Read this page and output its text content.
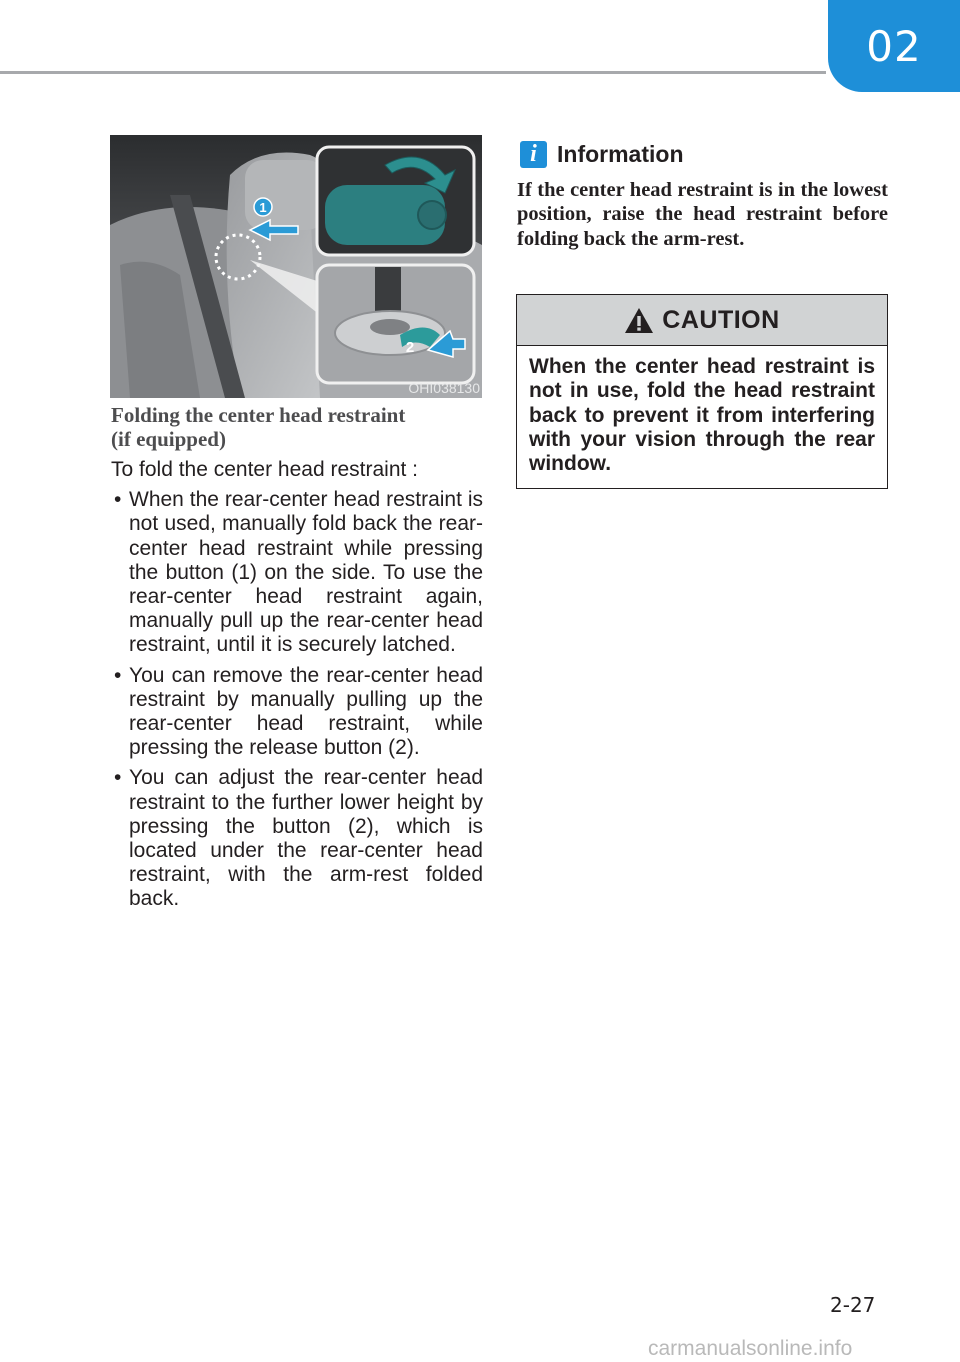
02
1
2
OHI038130
Folding the center head restraint
(if equipped)

To fold the center head restraint :

• When the rear-center head restraint is not used, manually fold back the rear-center head restraint while pressing the button (1) on the side. To use the rear-center head restraint again, manually pull up the rear-center head restraint, until it is securely latched.

• You can remove the rear-center head restraint by manually pulling up the rear-center head restraint, while pressing the release button (2).

• You can adjust the rear-center head restraint to the further lower height by pressing the button (2), which is located under the rear-center head restraint, with the arm-rest folded back.

i Information
If the center head restraint is in the lowest position, raise the head restraint before folding back the arm-rest.
CAUTION
When the center head restraint is not in use, fold the head restraint back to prevent it from interfering with your vision through the rear window.
2-27
carmanualsonline.info
